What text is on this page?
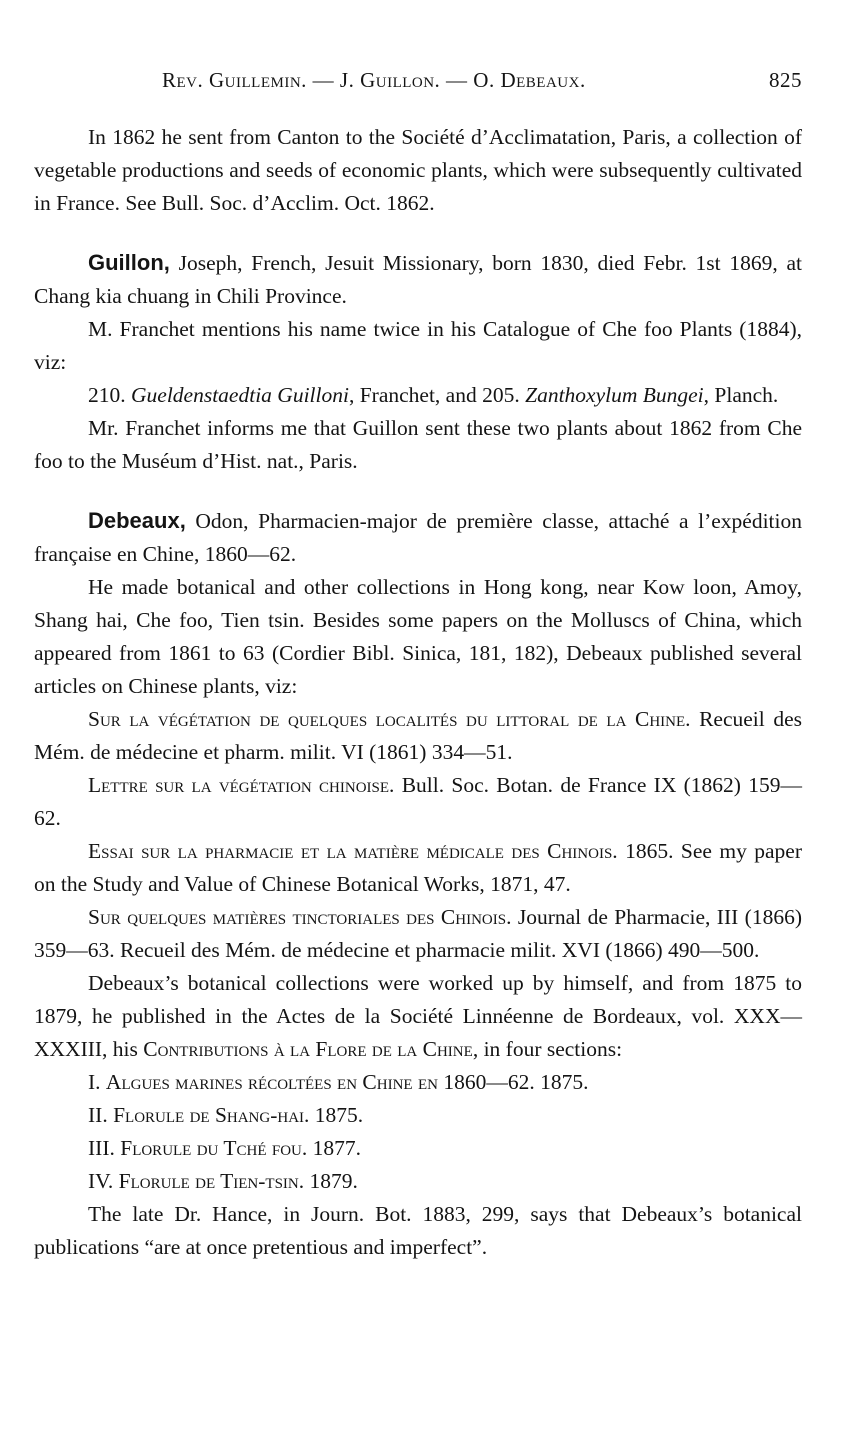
Rev. Guillemin. — J. Guillon. — O. Debeaux.	825

In 1862 he sent from Canton to the Société d’Acclimatation, Paris, a collection of vegetable productions and seeds of economic plants, which were subsequently cultivated in France. See Bull. Soc. d’Acclim. Oct. 1862.

Guillon, Joseph, French, Jesuit Missionary, born 1830, died Febr. 1st 1869, at Chang kia chuang in Chili Province.

M. Franchet mentions his name twice in his Catalogue of Che foo Plants (1884), viz:

210. Gueldenstaedtia Guilloni, Franchet, and 205. Zanthoxylum Bungei, Planch.

Mr. Franchet informs me that Guillon sent these two plants about 1862 from Che foo to the Muséum d’Hist. nat., Paris.

Debeaux, Odon, Pharmacien-major de première classe, attaché a l’expédition française en Chine, 1860—62.

He made botanical and other collections in Hong kong, near Kow loon, Amoy, Shang hai, Che foo, Tien tsin. Besides some papers on the Molluscs of China, which appeared from 1861 to 63 (Cordier Bibl. Sinica, 181, 182), Debeaux published several articles on Chinese plants, viz:

Sur la végétation de quelques localités du littoral de la Chine. Recueil des Mém. de médecine et pharm. milit. VI (1861) 334—51.

Lettre sur la végétation chinoise. Bull. Soc. Botan. de France IX (1862) 159—62.

Essai sur la pharmacie et la matière médicale des Chinois. 1865. See my paper on the Study and Value of Chinese Botanical Works, 1871, 47.

Sur quelques matières tinctoriales des Chinois. Journal de Pharmacie, III (1866) 359—63. Recueil des Mém. de médecine et pharmacie milit. XVI (1866) 490—500.

Debeaux’s botanical collections were worked up by himself, and from 1875 to 1879, he published in the Actes de la Société Linnéenne de Bordeaux, vol. XXX—XXXIII, his Contributions à la Flore de la Chine, in four sections:

I. Algues marines récoltées en Chine en 1860—62. 1875.

II. Florule de Shang-hai. 1875.

III. Florule du Tché fou. 1877.

IV. Florule de Tien-tsin. 1879.

The late Dr. Hance, in Journ. Bot. 1883, 299, says that Debeaux’s botanical publications “are at once pretentious and imperfect”.
